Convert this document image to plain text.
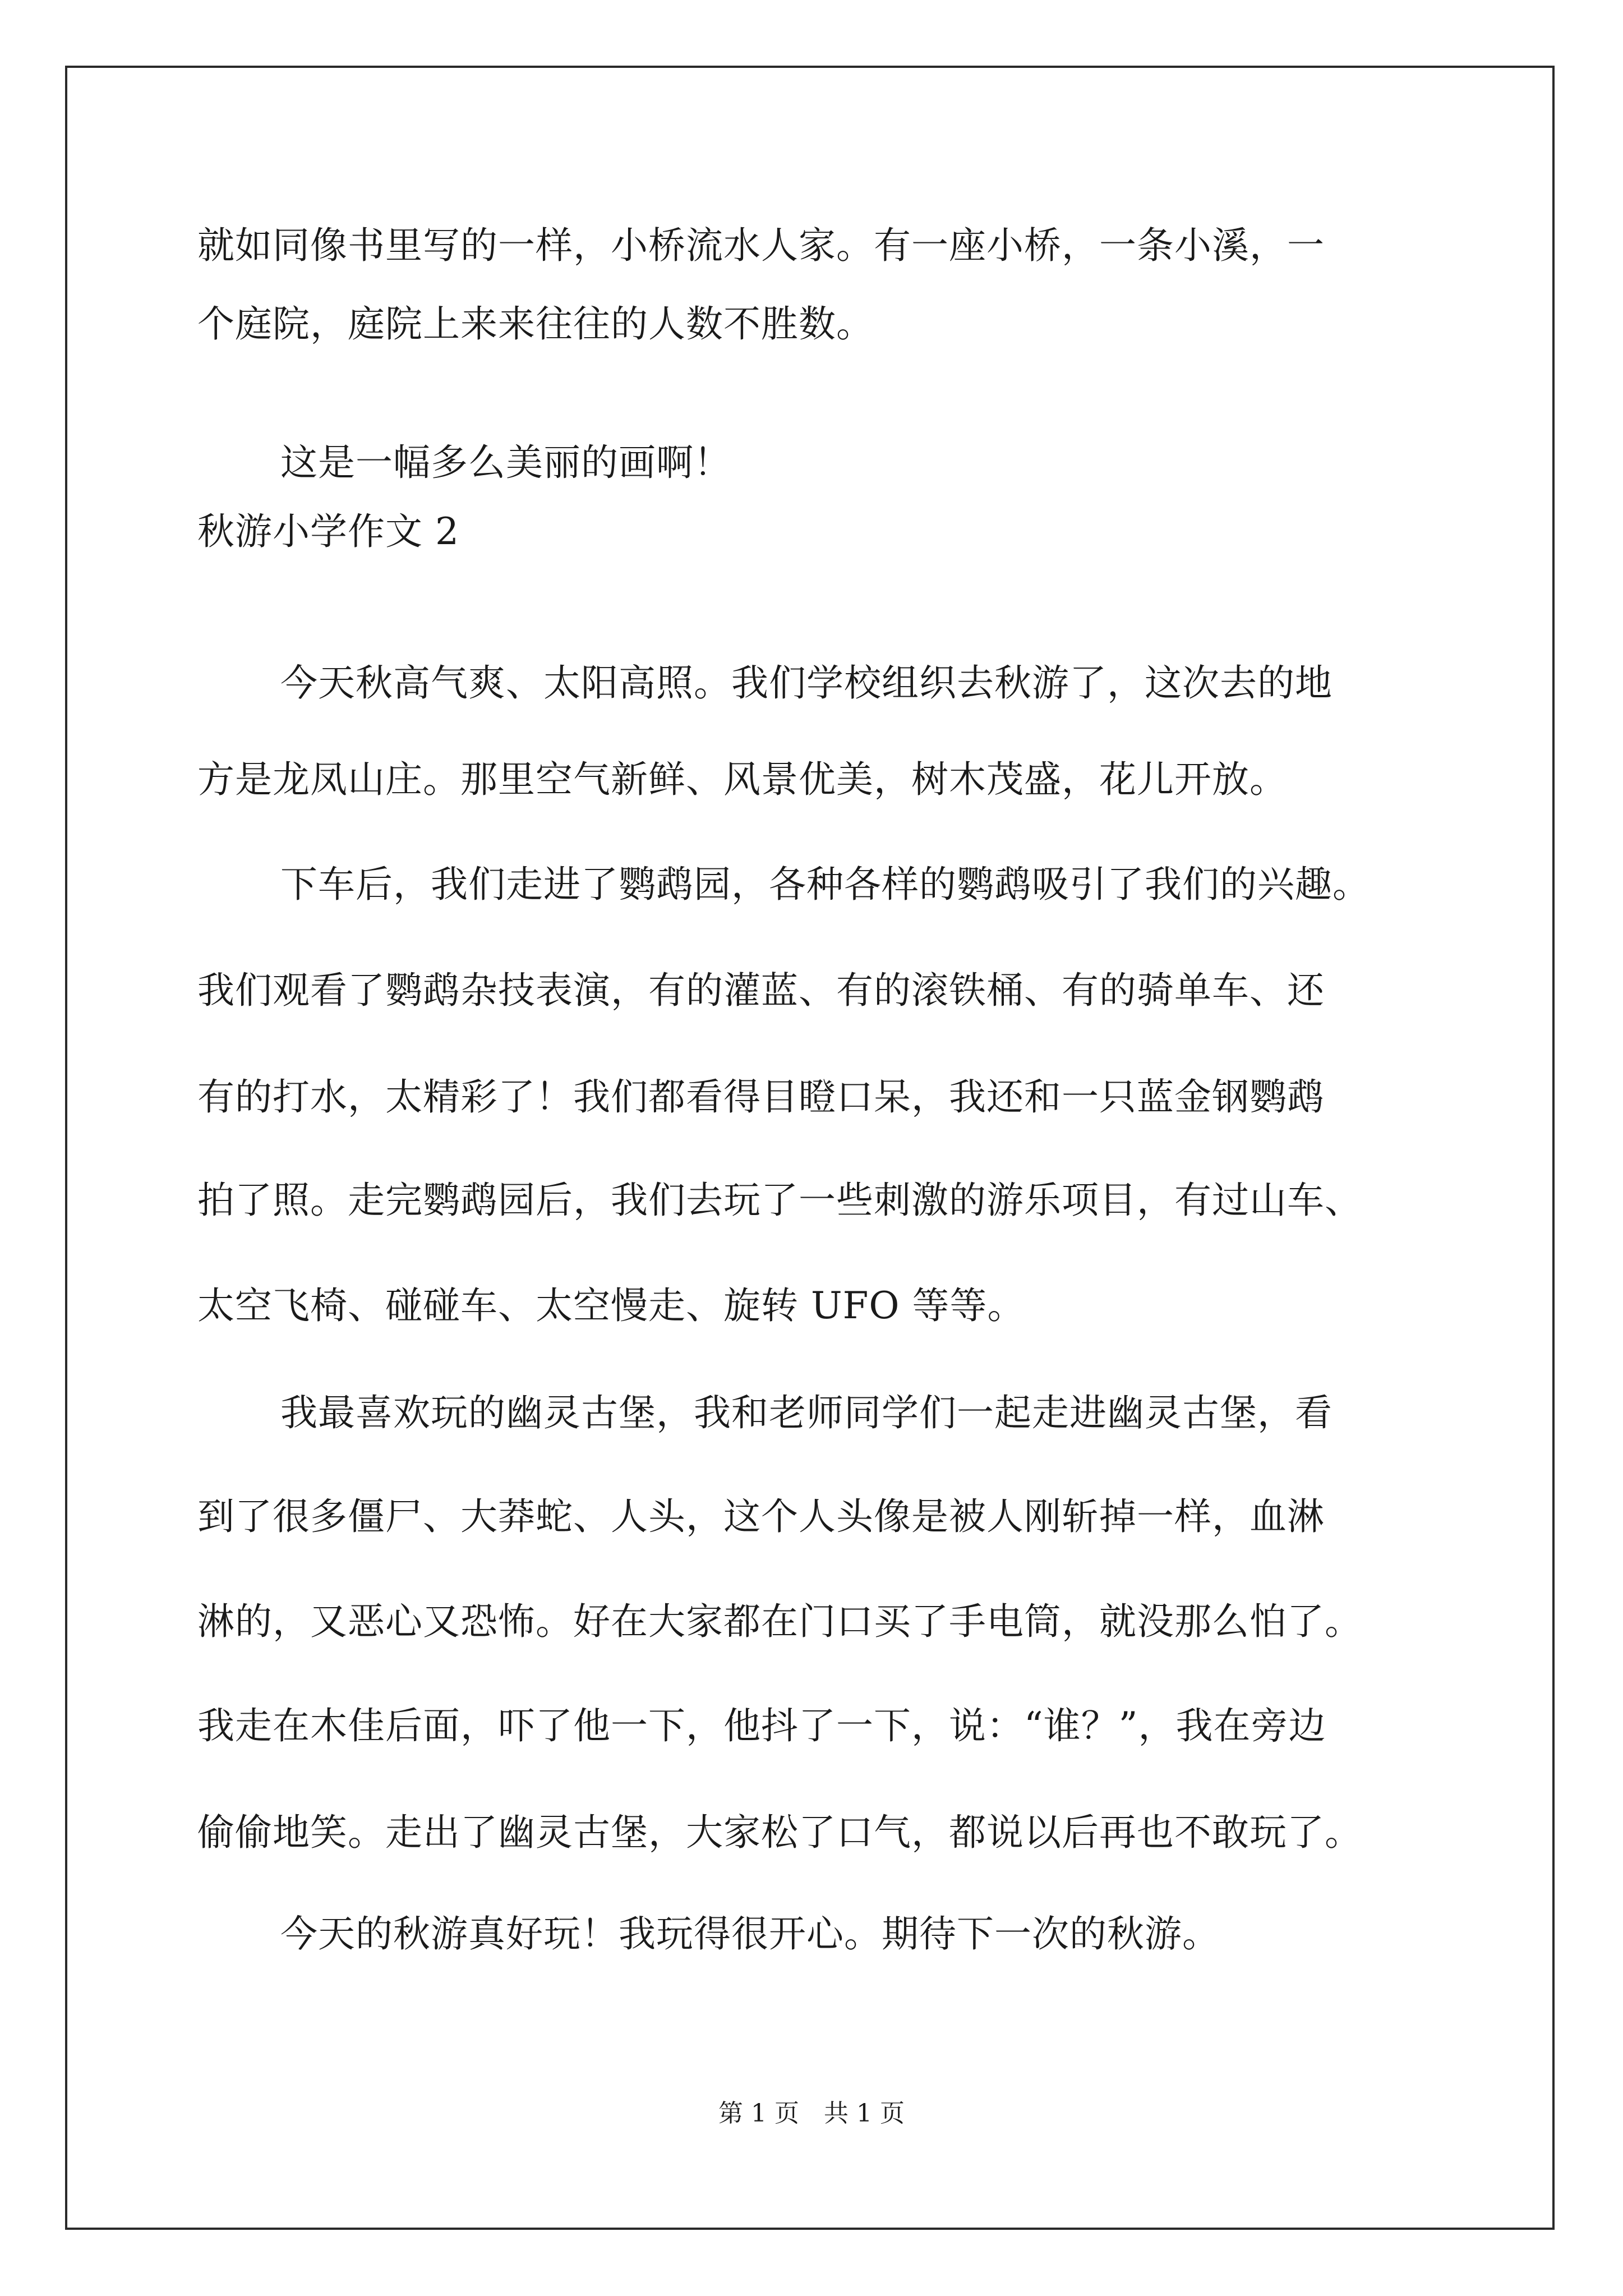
就如同像书里写的一样，小桥流水人家。有一座小桥，一条小溪，一

个庭院，庭院上来来往往的人数不胜数。

这是一幅多么美丽的画啊！

秋游小学作文 2

今天秋高气爽、太阳高照。我们学校组织去秋游了，这次去的地

方是龙凤山庄。那里空气新鲜、风景优美，树木茂盛，花儿开放。

下车后，我们走进了鹦鹉园，各种各样的鹦鹉吸引了我们的兴趣。

我们观看了鹦鹉杂技表演，有的灌蓝、有的滚铁桶、有的骑单车、还

有的打水，太精彩了！我们都看得目瞪口呆，我还和一只蓝金钢鹦鹉

拍了照。走完鹦鹉园后，我们去玩了一些刺激的游乐项目，有过山车、

太空飞椅、碰碰车、太空慢走、旋转 UFO 等等。

我最喜欢玩的幽灵古堡，我和老师同学们一起走进幽灵古堡，看

到了很多僵尸、大莽蛇、人头，这个人头像是被人刚斩掉一样，血淋

淋的，又恶心又恐怖。好在大家都在门口买了手电筒，就没那么怕了。

我走在木佳后面，吓了他一下，他抖了一下，说：“谁？”，我在旁边

偷偷地笑。走出了幽灵古堡，大家松了口气，都说以后再也不敢玩了。

今天的秋游真好玩！我玩得很开心。期待下一次的秋游。

第 1 页　共 1 页
